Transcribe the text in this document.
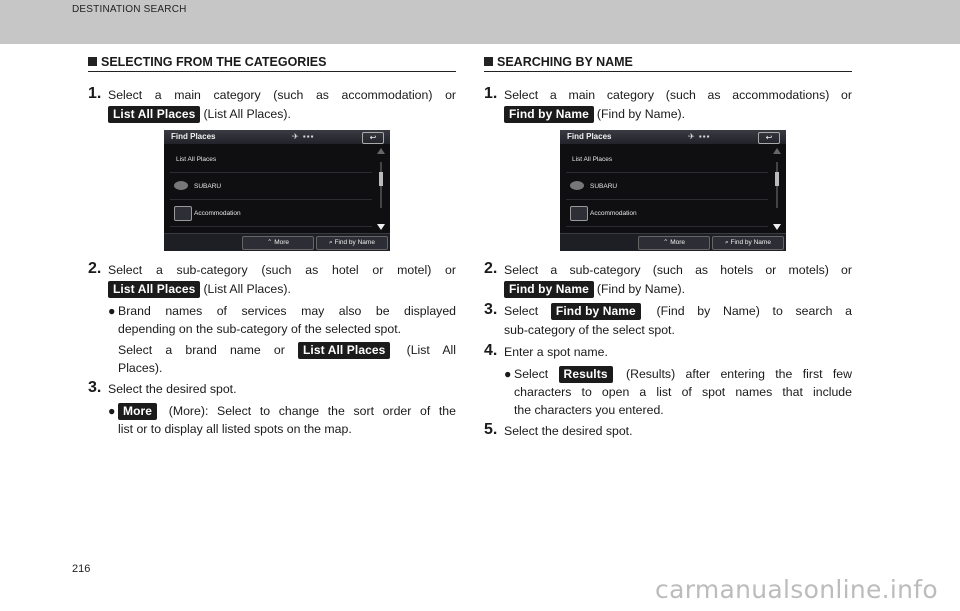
DESTINATION SEARCH
SELECTING FROM THE CATEGORIES
1. Select a main category (such as accommodation) or
List All Places (List All Places).
Find Places	✈ ▪▪▪	↩
List All Places
SUBARU
Accommodation
⌃ More	⌕ Find by Name
2. Select a sub-category (such as hotel or motel) or
List All Places (List All Places).
● Brand names of services may also be displayed
depending on the sub-category of the selected spot.
Select a brand name or List All Places (List All
Places).
3. Select the desired spot.
● More (More): Select to change the sort order of the
list or to display all listed spots on the map.
SEARCHING BY NAME
1. Select a main category (such as accommodations) or
Find by Name (Find by Name).
Find Places	✈ ▪▪▪	↩
List All Places
SUBARU
Accommodation
⌃ More	⌕ Find by Name
2. Select a sub-category (such as hotels or motels) or
Find by Name (Find by Name).
3. Select Find by Name (Find by Name) to search a
sub-category of the select spot.
4. Enter a spot name.
● Select Results (Results) after entering the first few
characters to open a list of spot names that include
the characters you entered.
5. Select the desired spot.
216
carmanualsonline.info
